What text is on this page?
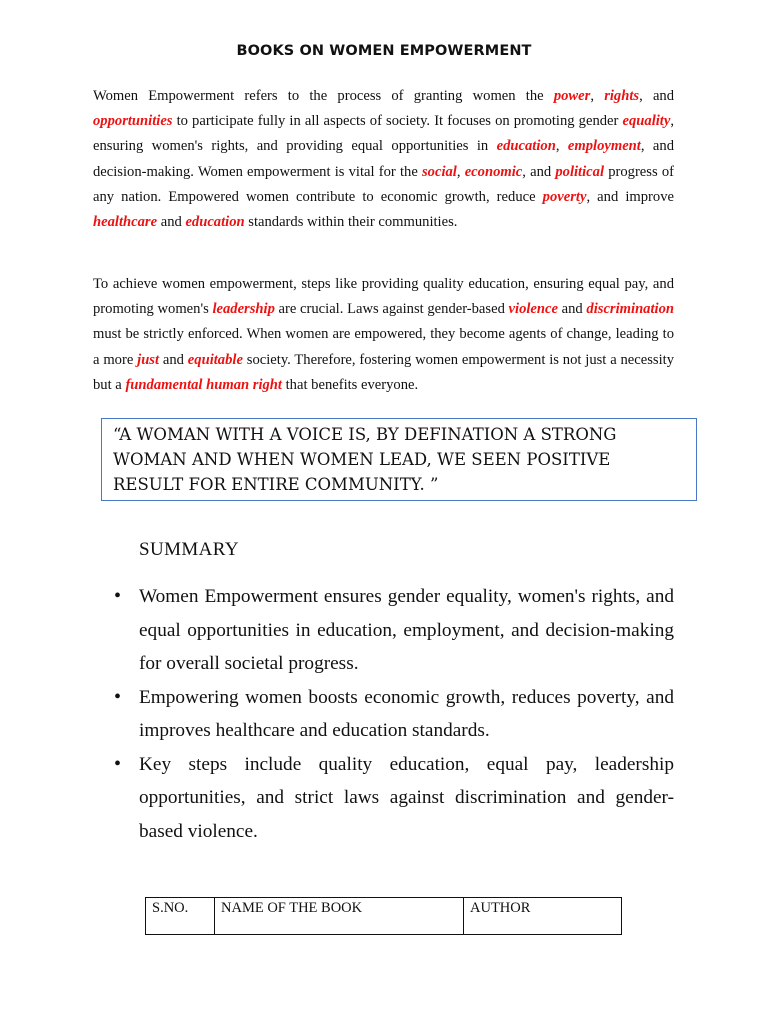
BOOKS ON WOMEN EMPOWERMENT

Women Empowerment refers to the process of granting women the power, rights, and opportunities to participate fully in all aspects of society. It focuses on promoting gender equality, ensuring women's rights, and providing equal opportunities in education, employment, and decision-making. Women empowerment is vital for the social, economic, and political progress of any nation. Empowered women contribute to economic growth, reduce poverty, and improve healthcare and education standards within their communities.

To achieve women empowerment, steps like providing quality education, ensuring equal pay, and promoting women's leadership are crucial. Laws against gender-based violence and discrimination must be strictly enforced. When women are empowered, they become agents of change, leading to a more just and equitable society. Therefore, fostering women empowerment is not just a necessity but a fundamental human right that benefits everyone.

“A WOMAN WITH A VOICE IS, BY DEFINATION A STRONG WOMAN AND WHEN WOMEN LEAD, WE SEEN POSITIVE RESULT FOR ENTIRE COMMUNITY. ”
SUMMARY
• Women Empowerment ensures gender equality, women's rights, and equal opportunities in education, employment, and decision-making for overall societal progress.
• Empowering women boosts economic growth, reduces poverty, and improves healthcare and education standards.
• Key steps include quality education, equal pay, leadership opportunities, and strict laws against discrimination and gender-based violence.
S.NO.	NAME OF THE BOOK	AUTHOR
